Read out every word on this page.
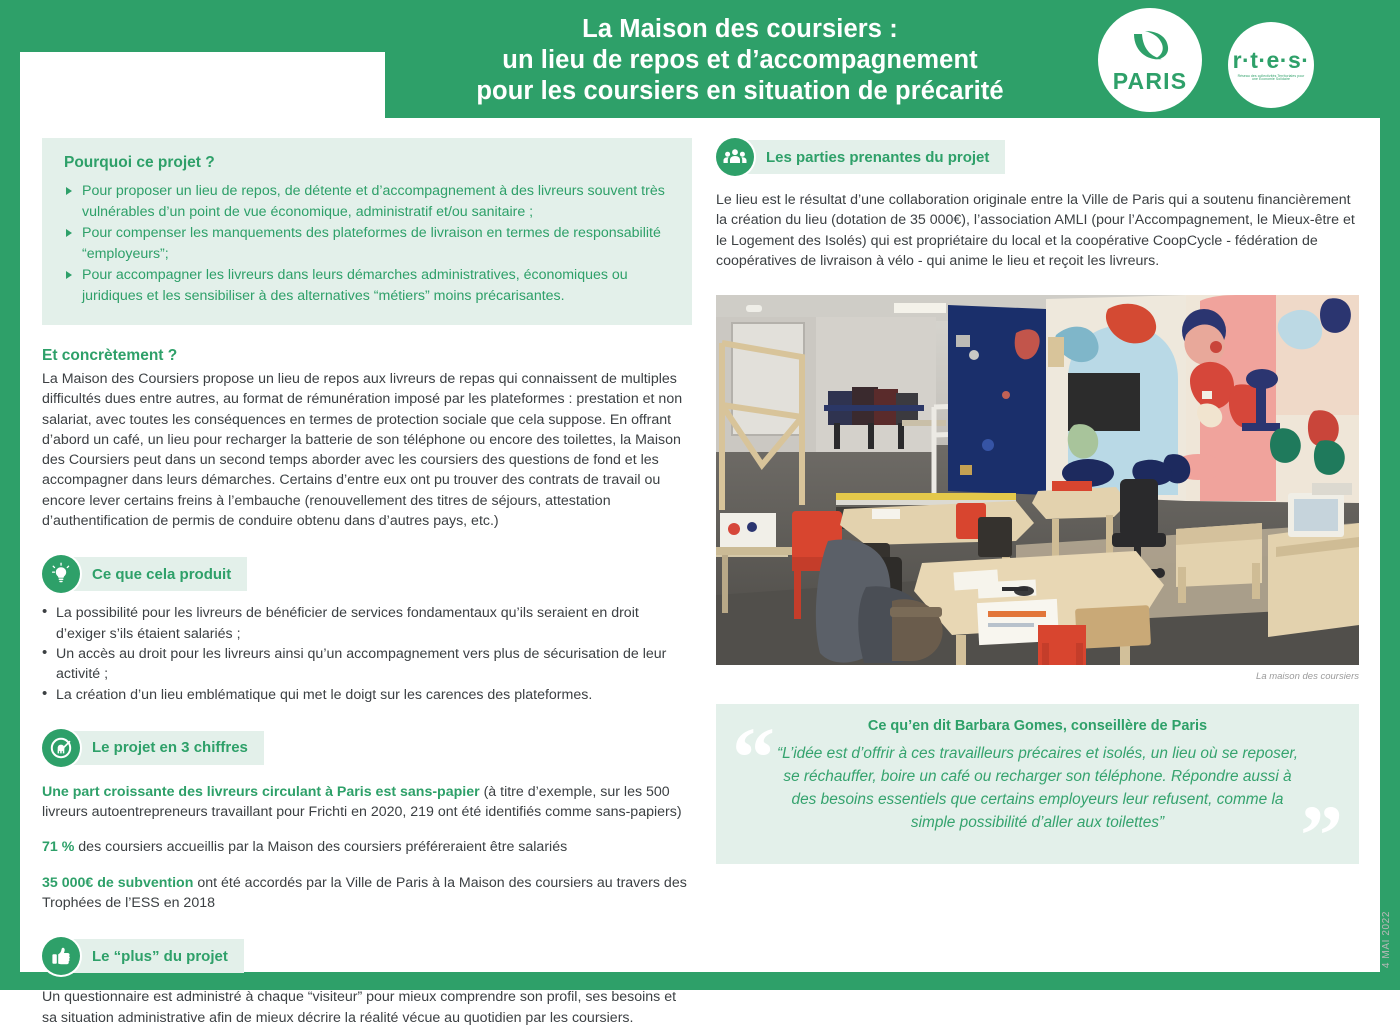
La Maison des coursiers :
un lieu de repos et d’accompagnement
pour les coursiers en situation de précarité	PARIS
r·t·e·s·
Réseau des collectivités Territoriales pour une Économie Solidaire
Pourquoi ce projet ?
Pour proposer un lieu de repos, de détente et d’accompagnement à des livreurs souvent très vulnérables d’un point de vue économique, administratif et/ou sanitaire ;
Pour compenser les manquements des plateformes de livraison en termes de responsabilité “employeurs”;
Pour accompagner les livreurs dans leurs démarches administratives, économiques ou juridiques et les sensibiliser à des alternatives “métiers” moins précarisantes.
Et concrètement ?

La Maison des Coursiers propose un lieu de repos aux livreurs de repas qui connaissent de multiples difficultés dues entre autres, au format de rémunération imposé par les plateformes : prestation et non salariat, avec toutes les conséquences en termes de protection sociale que cela suppose. En offrant d’abord un café, un lieu pour recharger la batterie de son téléphone ou encore des toilettes, la Maison des Coursiers peut dans un second temps aborder avec les coursiers des questions de fond et les accompagner dans leurs démarches. Certains d’entre eux ont pu trouver des contrats de travail ou encore lever certains freins à l’embauche (renouvellement des titres de séjours, attestation d’authentification de permis de conduire obtenu dans d’autres pays, etc.)

Ce que cela produit
• La possibilité pour les livreurs de bénéficier de services fondamentaux qu’ils seraient en droit d’exiger s’ils étaient salariés ;
• Un accès au droit pour les livreurs ainsi qu’un accompagnement vers plus de sécurisation de leur activité ;
• La création d’un lieu emblématique qui met le doigt sur les carences des plateformes.
Le projet en 3 chiffres
Une part croissante des livreurs circulant à Paris est sans-papier (à titre d’exemple, sur les 500 livreurs autoentrepreneurs travaillant pour Frichti en 2020, 219 ont été identifiés comme sans-papiers)
71 % des coursiers accueillis par la Maison des coursiers préféreraient être salariés
35 000€ de subvention ont été accordés par la Ville de Paris à la Maison des coursiers au travers des Trophées de l’ESS en 2018
Le “plus” du projet

Un questionnaire est administré à chaque “visiteur” pour mieux comprendre son profil, ses besoins et sa situation administrative afin de mieux décrire la réalité vécue au quotidien par les coursiers.

Les parties prenantes du projet

Le lieu est le résultat d’une collaboration originale entre la Ville de Paris qui a soutenu financièrement la création du lieu (dotation de 35 000€), l’association AMLI (pour l’Accompagnement, le Mieux-être et le Logement des Isolés) qui est propriétaire du local et la coopérative CoopCycle - fédération de coopératives de livraison à vélo - qui anime le lieu et reçoit les livreurs.

La maison des coursiers
“
”
Ce qu’en dit Barbara Gomes, conseillère de Paris
“L’idée est d’offrir à ces travailleurs précaires et isolés, un lieu où se reposer, se réchauffer, boire un café ou recharger son téléphone. Répondre aussi à des besoins essentiels que certains employeurs leur refusent, comme la simple possibilité d’aller aux toilettes”
4 MAI 2022
